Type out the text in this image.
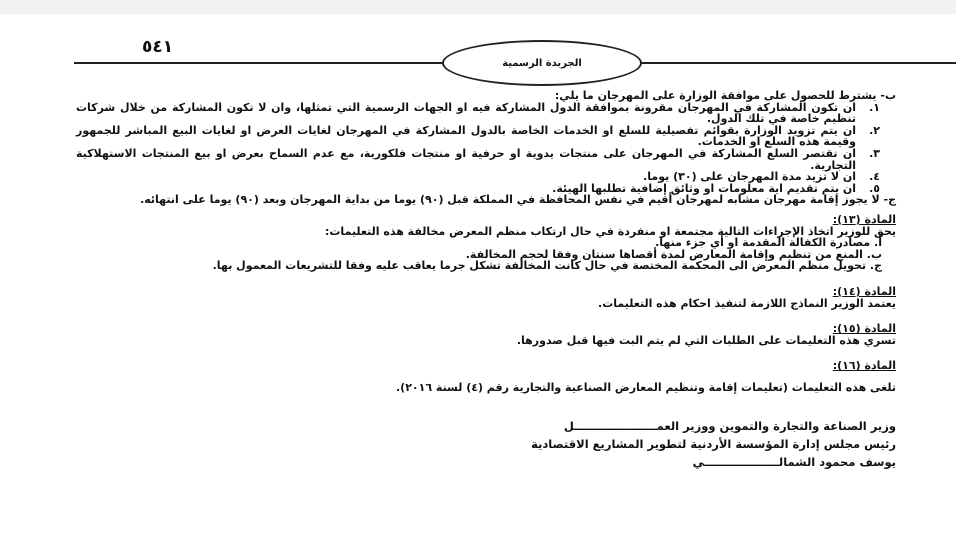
٥٤١
الجريدة الرسمية

ب- يشترط للحصول على موافقة الوزارة على المهرجان ما يلي:

١.
ان تكون المشاركة في المهرجان مقرونة بموافقة الدول المشاركة فيه او الجهات الرسمية التي تمثلها، وان لا تكون المشاركة من خلال شركات تنظيم خاصة في تلك الدول.
٢.
ان يتم تزويد الوزارة بقوائم تفصيلية للسلع او الخدمات الخاصة بالدول المشاركة في المهرجان لغايات العرض او لغايات البيع المباشر للجمهور وقيمة هذه السلع او الخدمات.
٣.
ان تقتصر السلع المشاركة في المهرجان على منتجات يدوية او حرفية او منتجات فلكورية، مع عدم السماح بعرض او بيع المنتجات الاستهلاكية التجارية.
٤.
ان لا تزيد مدة المهرجان على (٣٠) يوما.
٥.
ان يتم تقديم اية معلومات او وثائق إضافية تطلبها الهيئة.

ج- لا يجوز إقامة مهرجان مشابه لمهرجان أقيم في نفس المحافظة في المملكة قبل (٩٠) يوما من بداية المهرجان وبعد (٩٠) يوما على انتهائه.

المادة (١٣):

يحق للوزير اتخاذ الإجراءات التالية مجتمعة او منفردة في حال ارتكاب منظم المعرض مخالفة هذه التعليمات:

أ. مصادرة الكفالة المقدمة او أي جزء منها.

ب. المنع من تنظيم وإقامة المعارض لمدة أقصاها سنتان وفقا لحجم المخالفة.

ج. تحويل منظم المعرض الى المحكمة المختصة في حال كانت المخالفة تشكل جرما يعاقب عليه وفقا للتشريعات المعمول بها.

المادة (١٤):

يعتمد الوزير النماذج اللازمة لتنفيذ احكام هذه التعليمات.

المادة (١٥):

تسري هذه التعليمات على الطلبات التي لم يتم البت فيها قبل صدورها.

المادة (١٦):

تلغى هذه التعليمات (تعليمات إقامة وتنظيم المعارض الصناعية والتجارية رقم (٤) لسنة ٢٠١٦).

وزير الصناعة والتجارة والتموين ووزير العمـــــــــــــــــــــل

رئيس مجلس إدارة المؤسسة الأردنية لتطوير المشاريع الاقتصادية

يوسف محمود الشمالـــــــــــــــــــي
